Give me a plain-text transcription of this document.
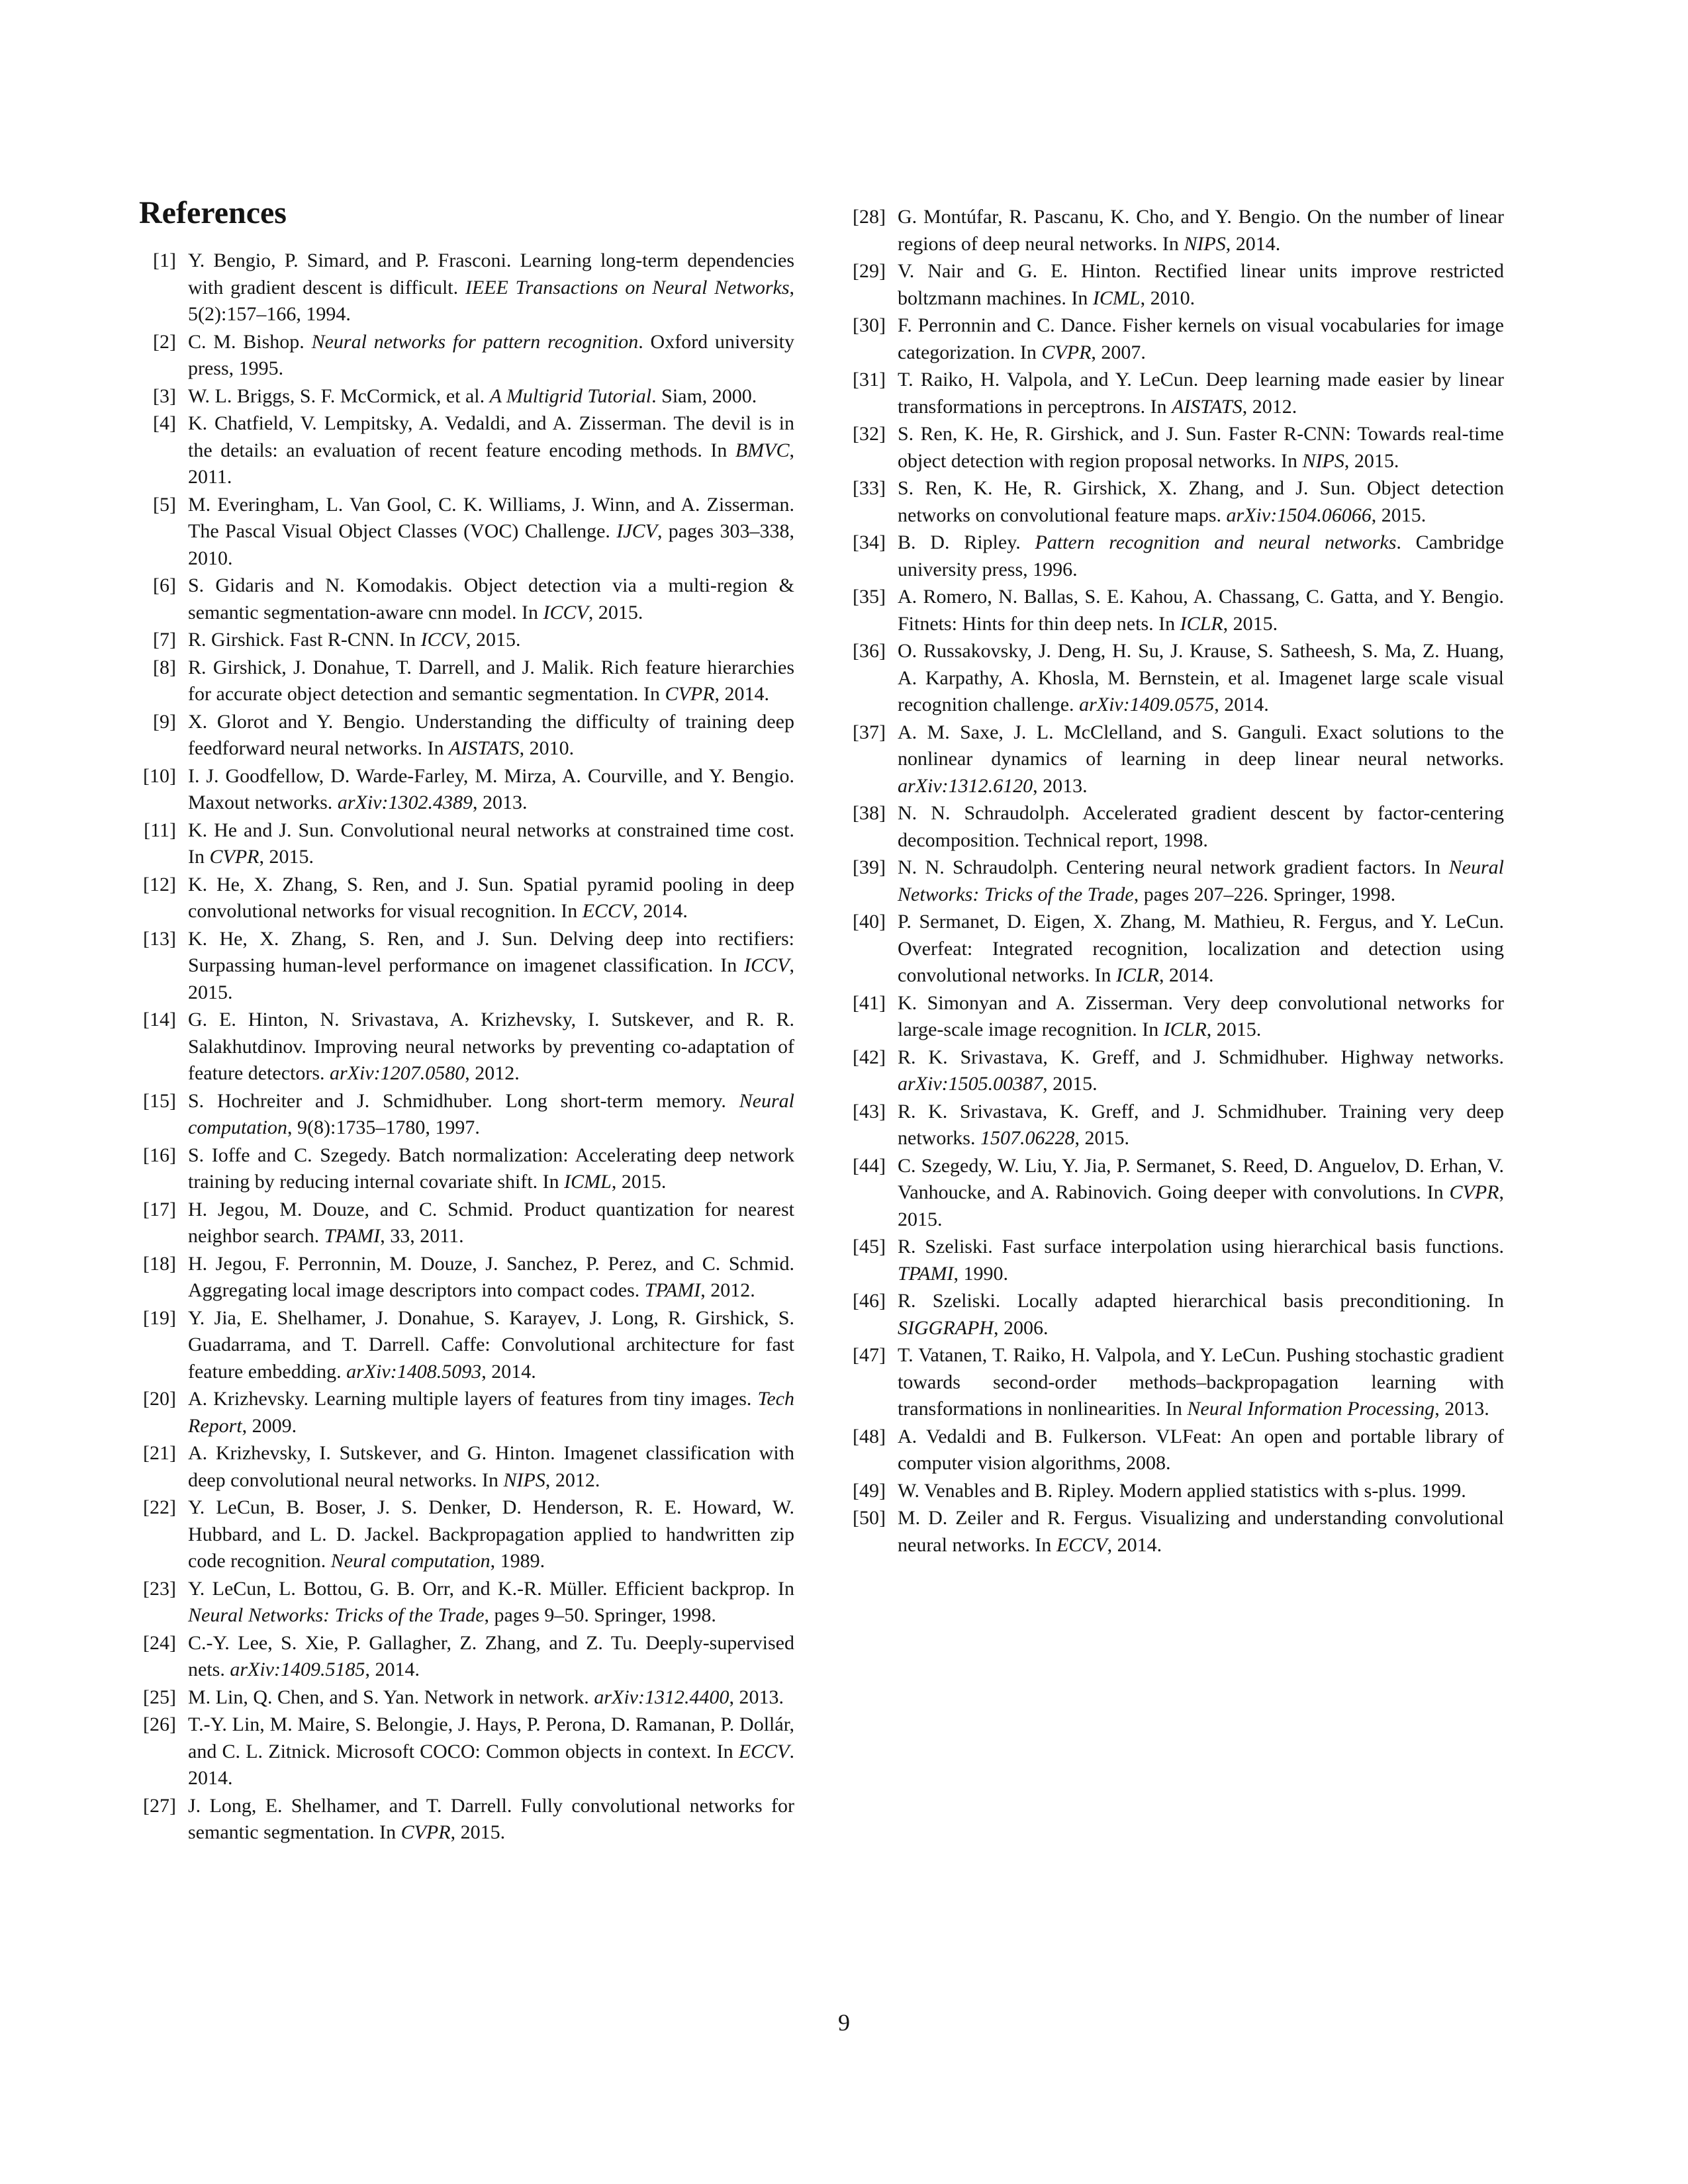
References
[1] Y. Bengio, P. Simard, and P. Frasconi. Learning long-term dependencies with gradient descent is difficult. IEEE Transactions on Neural Networks, 5(2):157–166, 1994.
[2] C. M. Bishop. Neural networks for pattern recognition. Oxford university press, 1995.
[3] W. L. Briggs, S. F. McCormick, et al. A Multigrid Tutorial. Siam, 2000.
[4] K. Chatfield, V. Lempitsky, A. Vedaldi, and A. Zisserman. The devil is in the details: an evaluation of recent feature encoding methods. In BMVC, 2011.
[5] M. Everingham, L. Van Gool, C. K. Williams, J. Winn, and A. Zisserman. The Pascal Visual Object Classes (VOC) Challenge. IJCV, pages 303–338, 2010.
[6] S. Gidaris and N. Komodakis. Object detection via a multi-region & semantic segmentation-aware cnn model. In ICCV, 2015.
[7] R. Girshick. Fast R-CNN. In ICCV, 2015.
[8] R. Girshick, J. Donahue, T. Darrell, and J. Malik. Rich feature hierarchies for accurate object detection and semantic segmentation. In CVPR, 2014.
[9] X. Glorot and Y. Bengio. Understanding the difficulty of training deep feedforward neural networks. In AISTATS, 2010.
[10] I. J. Goodfellow, D. Warde-Farley, M. Mirza, A. Courville, and Y. Bengio. Maxout networks. arXiv:1302.4389, 2013.
[11] K. He and J. Sun. Convolutional neural networks at constrained time cost. In CVPR, 2015.
[12] K. He, X. Zhang, S. Ren, and J. Sun. Spatial pyramid pooling in deep convolutional networks for visual recognition. In ECCV, 2014.
[13] K. He, X. Zhang, S. Ren, and J. Sun. Delving deep into rectifiers: Surpassing human-level performance on imagenet classification. In ICCV, 2015.
[14] G. E. Hinton, N. Srivastava, A. Krizhevsky, I. Sutskever, and R. R. Salakhutdinov. Improving neural networks by preventing co-adaptation of feature detectors. arXiv:1207.0580, 2012.
[15] S. Hochreiter and J. Schmidhuber. Long short-term memory. Neural computation, 9(8):1735–1780, 1997.
[16] S. Ioffe and C. Szegedy. Batch normalization: Accelerating deep network training by reducing internal covariate shift. In ICML, 2015.
[17] H. Jegou, M. Douze, and C. Schmid. Product quantization for nearest neighbor search. TPAMI, 33, 2011.
[18] H. Jegou, F. Perronnin, M. Douze, J. Sanchez, P. Perez, and C. Schmid. Aggregating local image descriptors into compact codes. TPAMI, 2012.
[19] Y. Jia, E. Shelhamer, J. Donahue, S. Karayev, J. Long, R. Girshick, S. Guadarrama, and T. Darrell. Caffe: Convolutional architecture for fast feature embedding. arXiv:1408.5093, 2014.
[20] A. Krizhevsky. Learning multiple layers of features from tiny images. Tech Report, 2009.
[21] A. Krizhevsky, I. Sutskever, and G. Hinton. Imagenet classification with deep convolutional neural networks. In NIPS, 2012.
[22] Y. LeCun, B. Boser, J. S. Denker, D. Henderson, R. E. Howard, W. Hubbard, and L. D. Jackel. Backpropagation applied to handwritten zip code recognition. Neural computation, 1989.
[23] Y. LeCun, L. Bottou, G. B. Orr, and K.-R. Müller. Efficient backprop. In Neural Networks: Tricks of the Trade, pages 9–50. Springer, 1998.
[24] C.-Y. Lee, S. Xie, P. Gallagher, Z. Zhang, and Z. Tu. Deeply-supervised nets. arXiv:1409.5185, 2014.
[25] M. Lin, Q. Chen, and S. Yan. Network in network. arXiv:1312.4400, 2013.
[26] T.-Y. Lin, M. Maire, S. Belongie, J. Hays, P. Perona, D. Ramanan, P. Dollár, and C. L. Zitnick. Microsoft COCO: Common objects in context. In ECCV. 2014.
[27] J. Long, E. Shelhamer, and T. Darrell. Fully convolutional networks for semantic segmentation. In CVPR, 2015.
[28] G. Montúfar, R. Pascanu, K. Cho, and Y. Bengio. On the number of linear regions of deep neural networks. In NIPS, 2014.
[29] V. Nair and G. E. Hinton. Rectified linear units improve restricted boltzmann machines. In ICML, 2010.
[30] F. Perronnin and C. Dance. Fisher kernels on visual vocabularies for image categorization. In CVPR, 2007.
[31] T. Raiko, H. Valpola, and Y. LeCun. Deep learning made easier by linear transformations in perceptrons. In AISTATS, 2012.
[32] S. Ren, K. He, R. Girshick, and J. Sun. Faster R-CNN: Towards real-time object detection with region proposal networks. In NIPS, 2015.
[33] S. Ren, K. He, R. Girshick, X. Zhang, and J. Sun. Object detection networks on convolutional feature maps. arXiv:1504.06066, 2015.
[34] B. D. Ripley. Pattern recognition and neural networks. Cambridge university press, 1996.
[35] A. Romero, N. Ballas, S. E. Kahou, A. Chassang, C. Gatta, and Y. Bengio. Fitnets: Hints for thin deep nets. In ICLR, 2015.
[36] O. Russakovsky, J. Deng, H. Su, J. Krause, S. Satheesh, S. Ma, Z. Huang, A. Karpathy, A. Khosla, M. Bernstein, et al. Imagenet large scale visual recognition challenge. arXiv:1409.0575, 2014.
[37] A. M. Saxe, J. L. McClelland, and S. Ganguli. Exact solutions to the nonlinear dynamics of learning in deep linear neural networks. arXiv:1312.6120, 2013.
[38] N. N. Schraudolph. Accelerated gradient descent by factor-centering decomposition. Technical report, 1998.
[39] N. N. Schraudolph. Centering neural network gradient factors. In Neural Networks: Tricks of the Trade, pages 207–226. Springer, 1998.
[40] P. Sermanet, D. Eigen, X. Zhang, M. Mathieu, R. Fergus, and Y. LeCun. Overfeat: Integrated recognition, localization and detection using convolutional networks. In ICLR, 2014.
[41] K. Simonyan and A. Zisserman. Very deep convolutional networks for large-scale image recognition. In ICLR, 2015.
[42] R. K. Srivastava, K. Greff, and J. Schmidhuber. Highway networks. arXiv:1505.00387, 2015.
[43] R. K. Srivastava, K. Greff, and J. Schmidhuber. Training very deep networks. 1507.06228, 2015.
[44] C. Szegedy, W. Liu, Y. Jia, P. Sermanet, S. Reed, D. Anguelov, D. Erhan, V. Vanhoucke, and A. Rabinovich. Going deeper with convolutions. In CVPR, 2015.
[45] R. Szeliski. Fast surface interpolation using hierarchical basis functions. TPAMI, 1990.
[46] R. Szeliski. Locally adapted hierarchical basis preconditioning. In SIGGRAPH, 2006.
[47] T. Vatanen, T. Raiko, H. Valpola, and Y. LeCun. Pushing stochastic gradient towards second-order methods–backpropagation learning with transformations in nonlinearities. In Neural Information Processing, 2013.
[48] A. Vedaldi and B. Fulkerson. VLFeat: An open and portable library of computer vision algorithms, 2008.
[49] W. Venables and B. Ripley. Modern applied statistics with s-plus. 1999.
[50] M. D. Zeiler and R. Fergus. Visualizing and understanding convolutional neural networks. In ECCV, 2014.
9
